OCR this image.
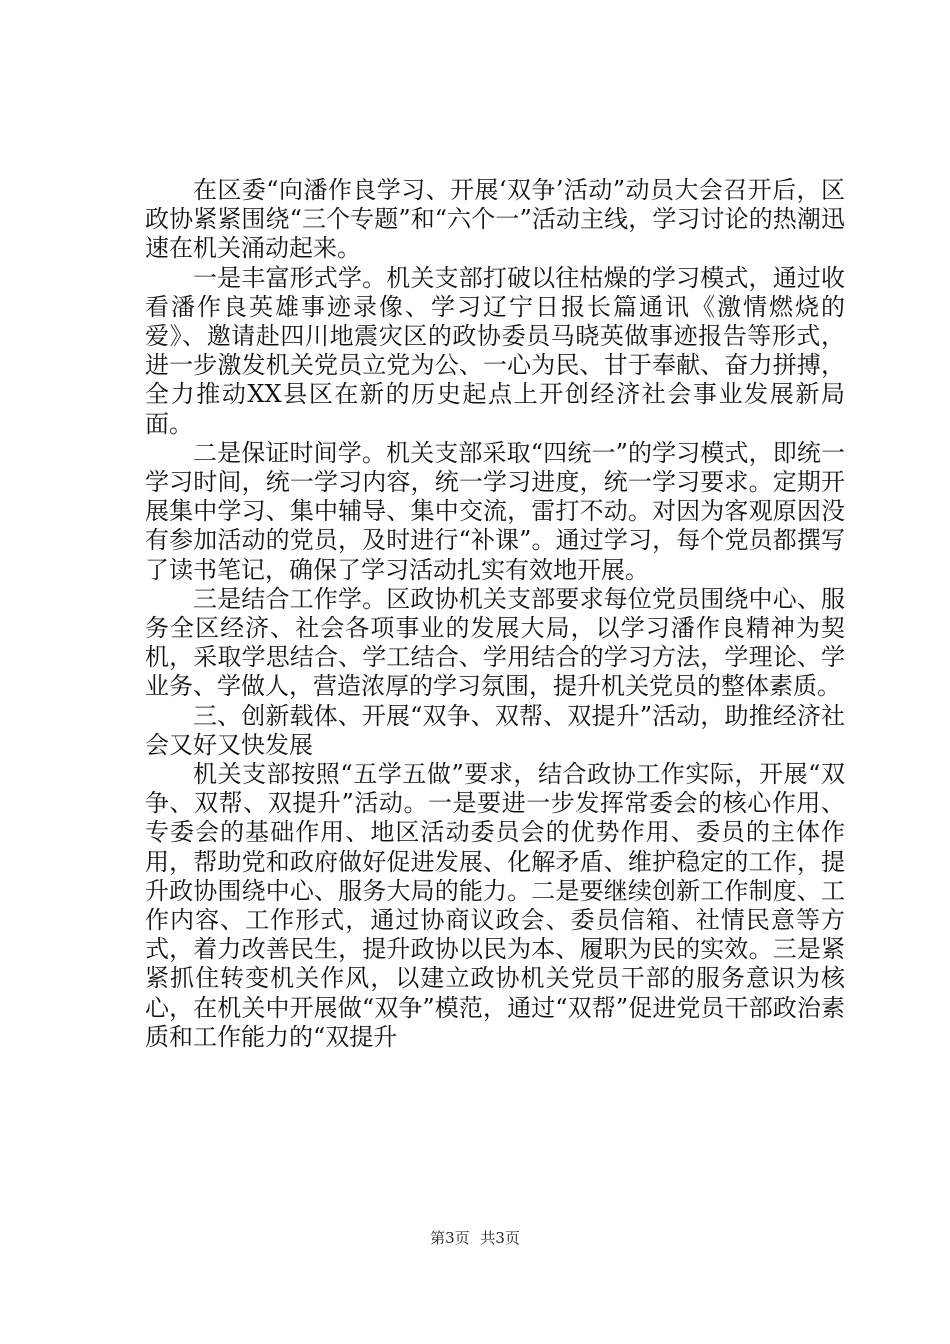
在区委“向潘作良学习、开展‘双争’活动”动员大会召开后，区政协紧紧围绕“三个专题”和“六个一”活动主线，学习讨论的热潮迅速在机关涌动起来。

一是丰富形式学。机关支部打破以往枯燥的学习模式，通过收看潘作良英雄事迹录像、学习辽宁日报长篇通讯《激情燃烧的爱》、邀请赴四川地震灾区的政协委员马晓英做事迹报告等形式，进一步激发机关党员立党为公、一心为民、甘于奉献、奋力拼搏，全力推动XX县区在新的历史起点上开创经济社会事业发展新局面。

二是保证时间学。机关支部采取“四统一”的学习模式，即统一学习时间，统一学习内容，统一学习进度，统一学习要求。定期开展集中学习、集中辅导、集中交流，雷打不动。对因为客观原因没有参加活动的党员，及时进行“补课”。通过学习，每个党员都撰写了读书笔记，确保了学习活动扎实有效地开展。

三是结合工作学。区政协机关支部要求每位党员围绕中心、服务全区经济、社会各项事业的发展大局，以学习潘作良精神为契机，采取学思结合、学工结合、学用结合的学习方法，学理论、学业务、学做人，营造浓厚的学习氛围，提升机关党员的整体素质。

三、创新载体、开展“双争、双帮、双提升”活动，助推经济社会又好又快发展

机关支部按照“五学五做”要求，结合政协工作实际，开展“双争、双帮、双提升”活动。一是要进一步发挥常委会的核心作用、专委会的基础作用、地区活动委员会的优势作用、委员的主体作用，帮助党和政府做好促进发展、化解矛盾、维护稳定的工作，提升政协围绕中心、服务大局的能力。二是要继续创新工作制度、工作内容、工作形式，通过协商议政会、委员信箱、社情民意等方式，着力改善民生，提升政协以民为本、履职为民的实效。三是紧紧抓住转变机关作风，以建立政协机关党员干部的服务意识为核心，在机关中开展做“双争”模范，通过“双帮”促进党员干部政治素质和工作能力的“双提升

第3页 共3页
